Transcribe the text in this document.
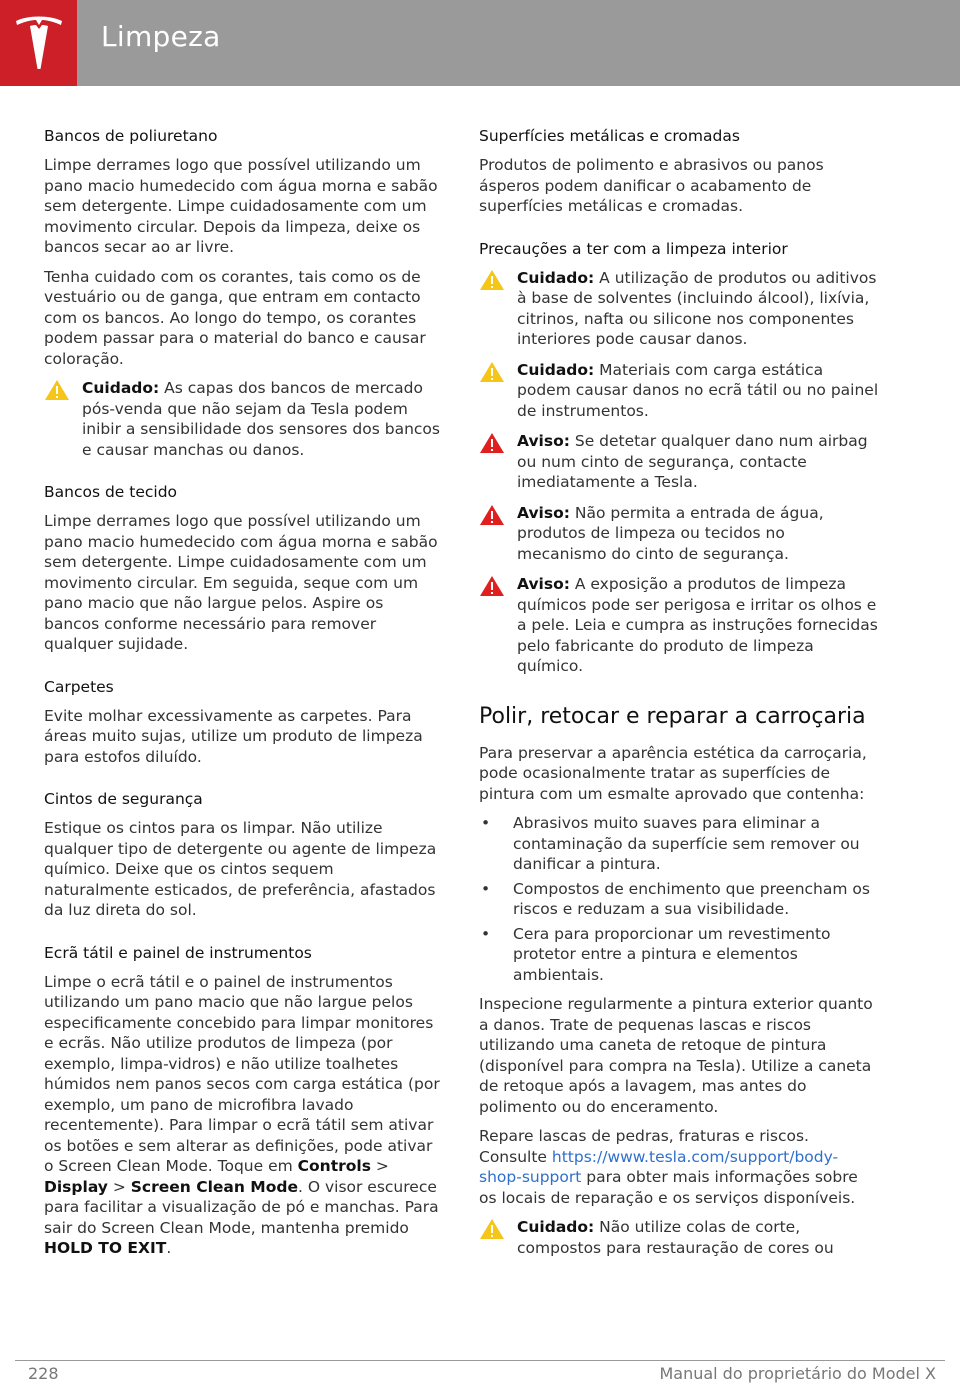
Limpeza
Bancos de poliuretano

Limpe derrames logo que possível utilizando um pano macio humedecido com água morna e sabão sem detergente. Limpe cuidadosamente com um movimento circular. Depois da limpeza, deixe os bancos secar ao ar livre.

Tenha cuidado com os corantes, tais como os de vestuário ou de ganga, que entram em contacto com os bancos. Ao longo do tempo, os corantes podem passar para o material do banco e causar coloração.

Cuidado: As capas dos bancos de mercado pós-venda que não sejam da Tesla podem inibir a sensibilidade dos sensores dos bancos e causar manchas ou danos.
Bancos de tecido

Limpe derrames logo que possível utilizando um pano macio humedecido com água morna e sabão sem detergente. Limpe cuidadosamente com um movimento circular. Em seguida, seque com um pano macio que não largue pelos. Aspire os bancos conforme necessário para remover qualquer sujidade.

Carpetes

Evite molhar excessivamente as carpetes. Para áreas muito sujas, utilize um produto de limpeza para estofos diluído.

Cintos de segurança

Estique os cintos para os limpar. Não utilize qualquer tipo de detergente ou agente de limpeza químico. Deixe que os cintos sequem naturalmente esticados, de preferência, afastados da luz direta do sol.

Ecrã tátil e painel de instrumentos

Limpe o ecrã tátil e o painel de instrumentos utilizando um pano macio que não largue pelos especificamente concebido para limpar monitores e ecrãs. Não utilize produtos de limpeza (por exemplo, limpa-vidros) e não utilize toalhetes húmidos nem panos secos com carga estática (por exemplo, um pano de microfibra lavado recentemente). Para limpar o ecrã tátil sem ativar os botões e sem alterar as definições, pode ativar o Screen Clean Mode. Toque em Controls > Display > Screen Clean Mode. O visor escurece para facilitar a visualização de pó e manchas. Para sair do Screen Clean Mode, mantenha premido HOLD TO EXIT.

Superfícies metálicas e cromadas

Produtos de polimento e abrasivos ou panos ásperos podem danificar o acabamento de superfícies metálicas e cromadas.

Precauções a ter com a limpeza interior
Cuidado: A utilização de produtos ou aditivos à base de solventes (incluindo álcool), lixívia, citrinos, nafta ou silicone nos componentes interiores pode causar danos.
Cuidado: Materiais com carga estática podem causar danos no ecrã tátil ou no painel de instrumentos.
Aviso: Se detetar qualquer dano num airbag ou num cinto de segurança, contacte imediatamente a Tesla.
Aviso: Não permita a entrada de água, produtos de limpeza ou tecidos no mecanismo do cinto de segurança.
Aviso: A exposição a produtos de limpeza químicos pode ser perigosa e irritar os olhos e a pele. Leia e cumpra as instruções fornecidas pelo fabricante do produto de limpeza químico.
Polir, retocar e reparar a carroçaria

Para preservar a aparência estética da carroçaria, pode ocasionalmente tratar as superfícies de pintura com um esmalte aprovado que contenha:

• Abrasivos muito suaves para eliminar a contaminação da superfície sem remover ou danificar a pintura.
• Compostos de enchimento que preencham os riscos e reduzam a sua visibilidade.
• Cera para proporcionar um revestimento protetor entre a pintura e elementos ambientais.

Inspecione regularmente a pintura exterior quanto a danos. Trate de pequenas lascas e riscos utilizando uma caneta de retoque de pintura (disponível para compra na Tesla). Utilize a caneta de retoque após a lavagem, mas antes do polimento ou do enceramento.

Repare lascas de pedras, fraturas e riscos. Consulte https://www.tesla.com/support/body-shop-support para obter mais informações sobre os locais de reparação e os serviços disponíveis.

Cuidado: Não utilize colas de corte, compostos para restauração de cores ou
228	Manual do proprietário do Model X
